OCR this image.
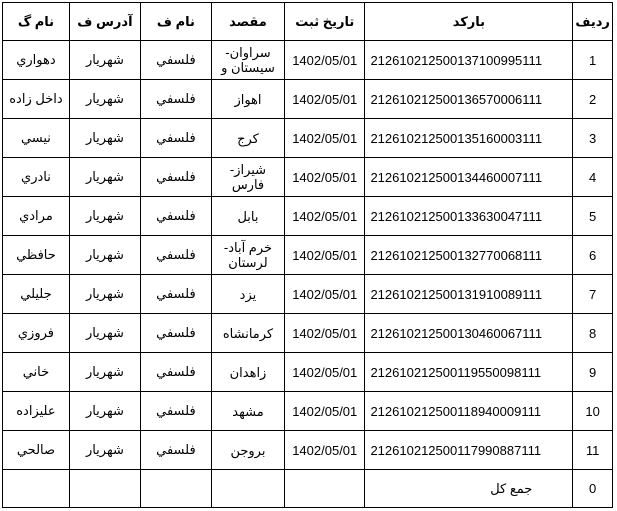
ردیف	بارکد	تاریخ ثبت	مقصد	نام ف	آدرس ف	نام گ
1	212610212500137100995111	1402/05/01	سراوان- سیستان و	فلسفي	شهريار	دهواري
2	212610212500136570006111	1402/05/01	اهواز	فلسفي	شهريار	داخل زاده
3	212610212500135160003111	1402/05/01	کرج	فلسفي	شهريار	نيسي
4	212610212500134460007111	1402/05/01	شیراز-فارس	فلسفي	شهريار	نادري
5	212610212500133630047111	1402/05/01	بابل	فلسفي	شهريار	مرادي
6	212610212500132770068111	1402/05/01	خرم آباد- لرستان	فلسفي	شهريار	حافظي
7	212610212500131910089111	1402/05/01	یزد	فلسفي	شهريار	جليلي
8	212610212500130460067111	1402/05/01	کرمانشاه	فلسفي	شهريار	فروزي
9	212610212500119550098111	1402/05/01	زاهدان	فلسفي	شهريار	خاني
10	212610212500118940009111	1402/05/01	مشهد	فلسفي	شهريار	عليزاده
11	212610212500117990887111	1402/05/01	بروجن	فلسفي	شهريار	صالحي
0	جمع کل					
